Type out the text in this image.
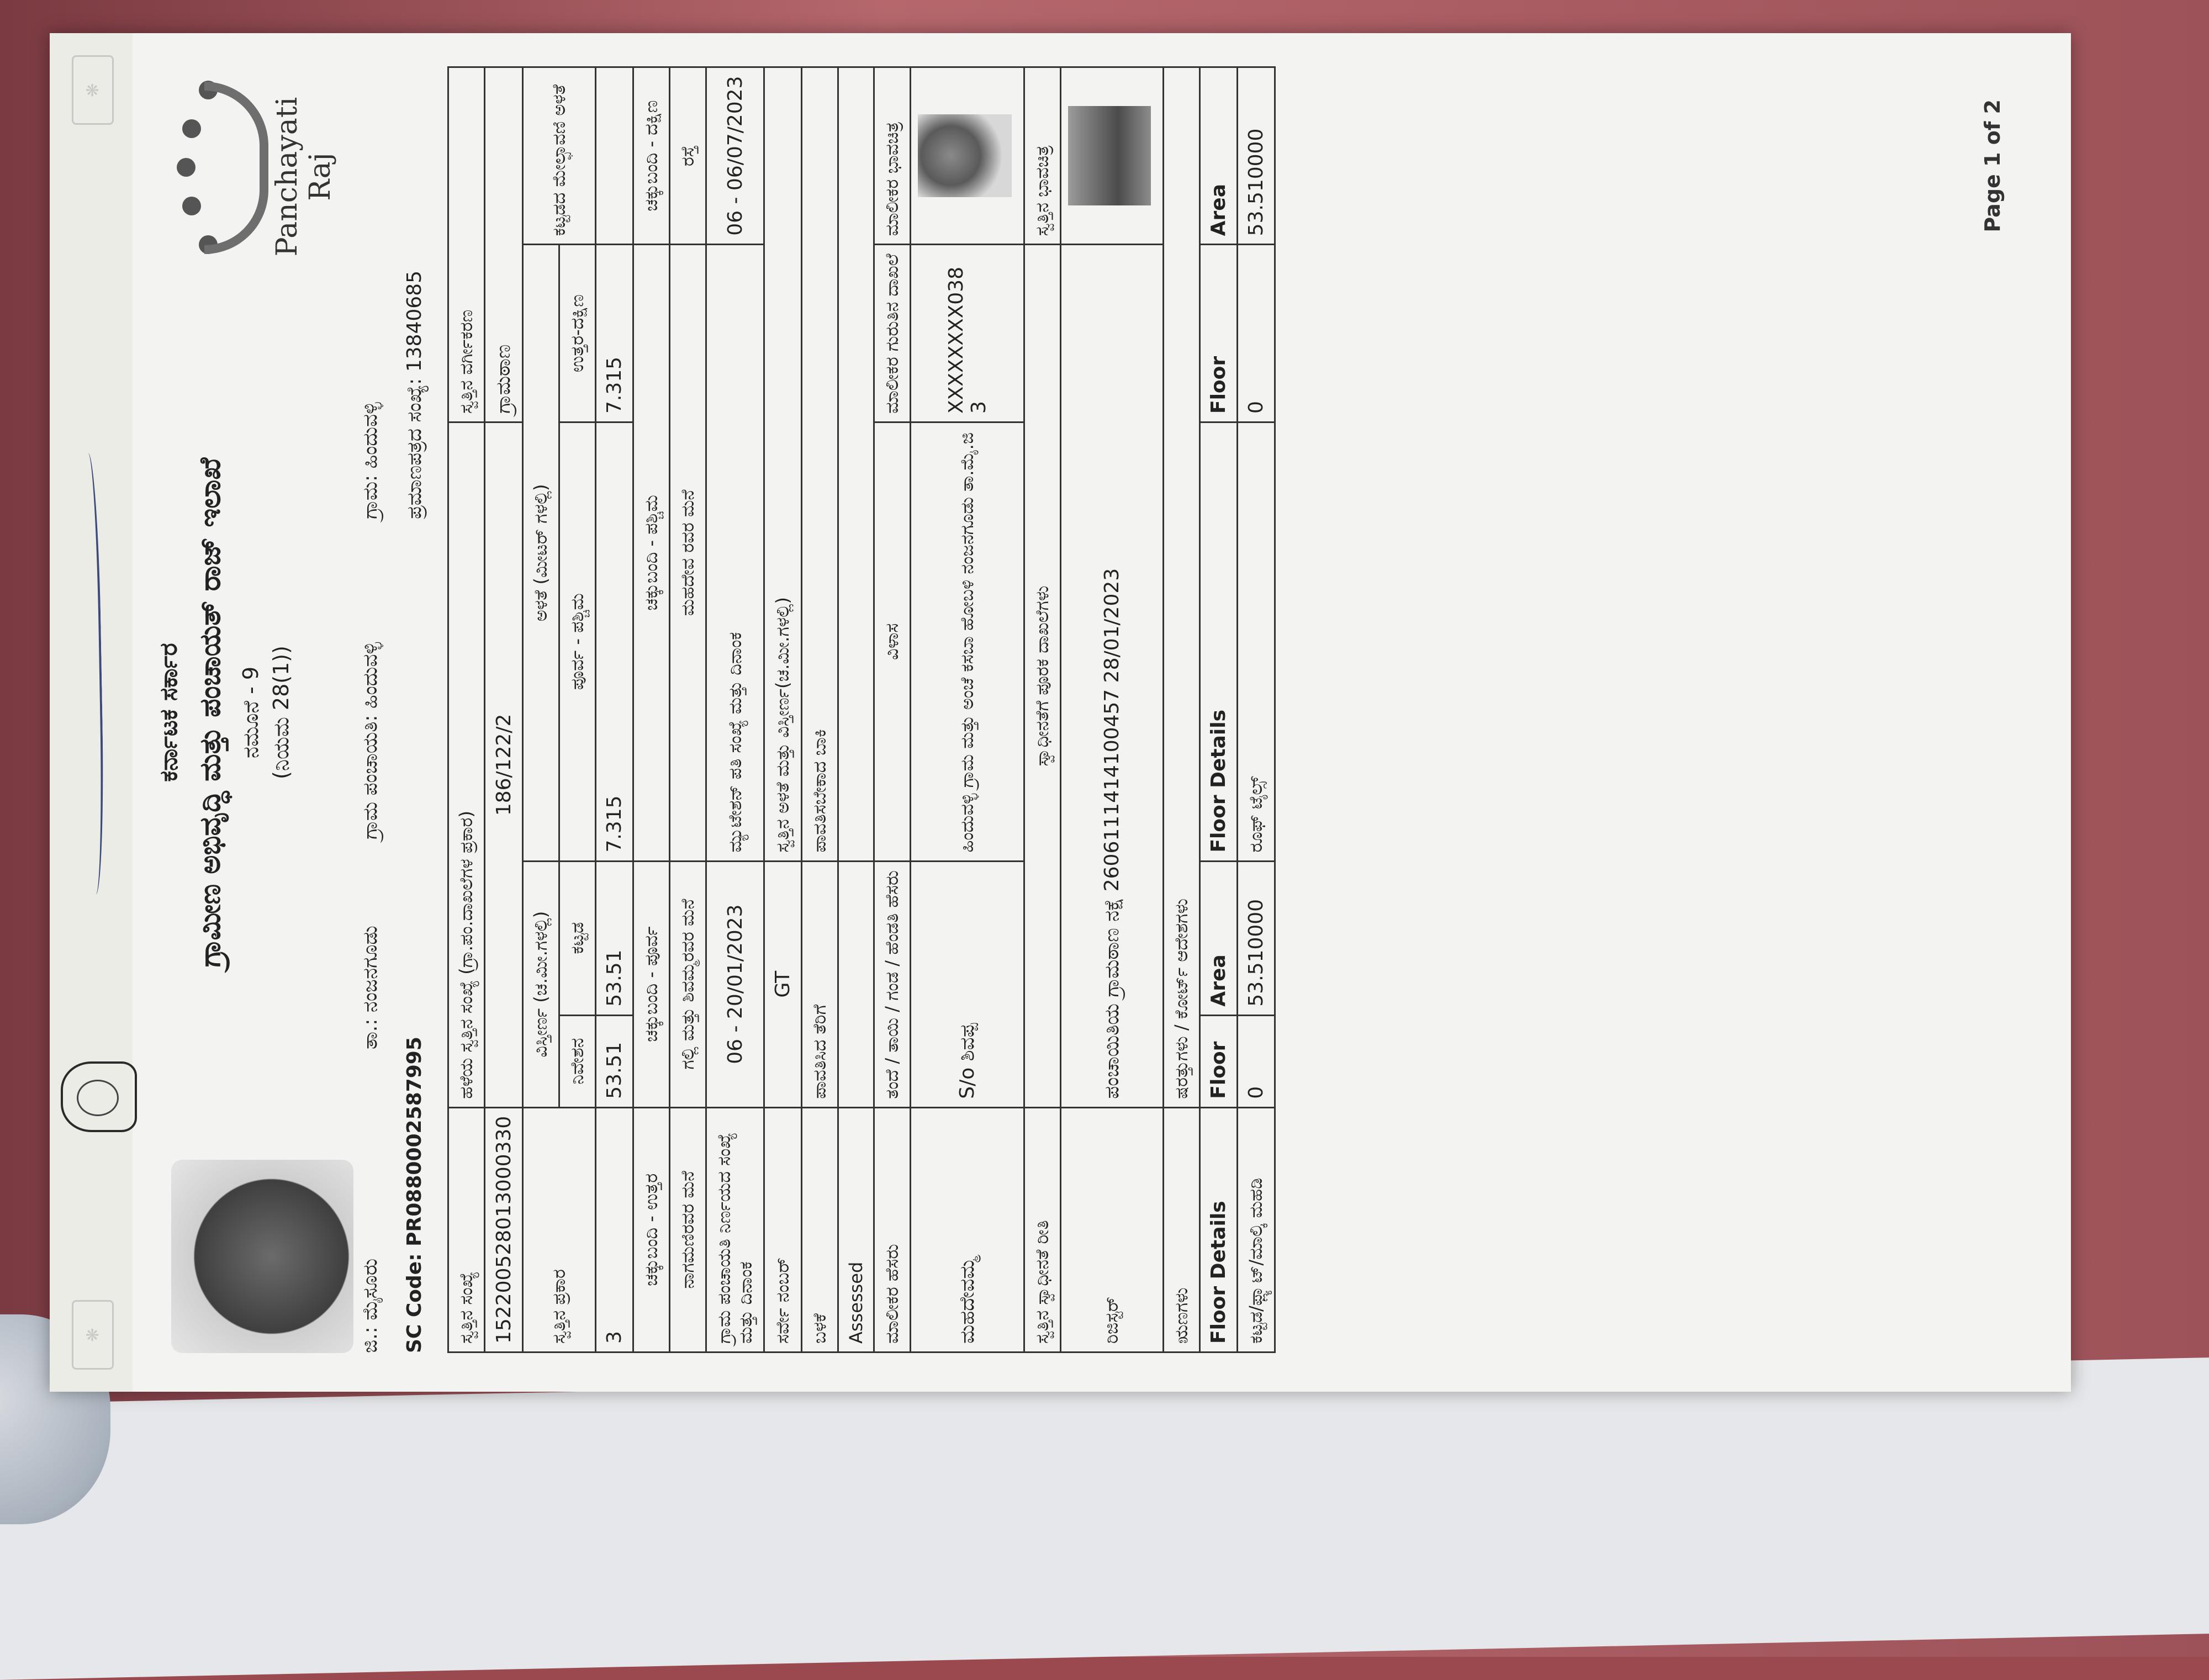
❋
❋
ಕರ್ನಾಟಕ ಸರ್ಕಾರ ಗ್ರಾಮೀಣ ಅಭಿವೃದ್ಧಿ ಮತ್ತು ಪಂಚಾಯತ್ ರಾಜ್ ಇಲಾಖೆ ನಮೂನೆ - 9 (ನಿಯಮ 28(1))
Panchayati Raj
ಜಿ.: ಮೈಸೂರು
ತಾ.: ನಂಜನಗೂಡು
ಗ್ರಾಮ ಪಂಚಾಯತಿ: ಹಿಂದುವಳ್ಳಿ
ಗ್ರಾಮ: ಹಿಂದುವಳ್ಳಿ
SC Code: PR0880002587995
ಪ್ರಮಾಣಪತ್ರದ ಸಂಖ್ಯೆ: 13840685
ಸ್ವತ್ತಿನ ಸಂಖ್ಯೆ	ಹಳೆಯ ಸ್ವತ್ತಿನ ಸಂಖ್ಯೆ (ಗ್ರಾ.ಪಂ.ದಾಖಲೆಗಳ ಪ್ರಕಾರ)			ಸ್ವತ್ತಿನ ವರ್ಗೀಕರಣ	
152200528013000330	186/122/2			ಗ್ರಾಮಠಾಣ	
ಸ್ವತ್ತಿನ ಪ್ರಕಾರ	ವಿಸ್ತೀರ್ಣ (ಚ.ಮೀ.ಗಳಲ್ಲಿ)		ಅಳತೆ (ಮೀಟರ್ ಗಳಲ್ಲಿ)		ಕಟ್ಟಡದ ಮೇಲ್ಛಾವಣಿ ಅಳತೆ
	ನಿವೇಶನ	ಕಟ್ಟಡ	ಪೂರ್ವ - ಪಶ್ಚಿಮ	ಉತ್ತರ-ದಕ್ಷಿಣ	
3	53.51	53.51	7.315	7.315	
ಚಕ್ಕುಬಂದಿ - ಉತ್ತರ	ಚಕ್ಕುಬಂದಿ - ಪೂರ್ವ		ಚಕ್ಕುಬಂದಿ - ಪಶ್ಚಿಮ		ಚಕ್ಕುಬಂದಿ - ದಕ್ಷಿಣ
ನಾಗಮಣಿರವರ ಮನೆ	ಗಲ್ಲಿ ಮತ್ತು ಶಿವಮ್ಮರವರ ಮನೆ		ಮಹದೇವ ರವರ ಮನೆ		ರಸ್ತೆ
ಗ್ರಾಮ ಪಂಚಾಯತಿ ನಿರ್ಣಯದ ಸಂಖ್ಯೆ ಮತ್ತು ದಿನಾಂಕ	06 - 20/01/2023		ಮ್ಯುಟೇಶನ್ ಪತಿ ಸಂಖ್ಯೆ ಮತ್ತು ದಿನಾಂಕ		06 - 06/07/2023
ಸರ್ವೇ ನಂಬರ್	GT		ಸ್ವತ್ತಿನ ಅಳತೆ ಮತ್ತು ವಿಸ್ತೀರ್ಣ(ಚ.ಮೀ.ಗಳಲ್ಲಿ)		
ಬಳಕೆ	ಪಾವತಿಸಿದ ತೆರಿಗೆ		ಪಾವತಿಸಬೇಕಾದ ಬಾಕಿ		
Assessed					
ಮಾಲೀಕರ ಹೆಸರು	ತಂದೆ / ತಾಯಿ / ಗಂಡ / ಹೆಂಡತಿ ಹೆಸರು		ವಿಳಾಸ	ಮಾಲೀಕರ ಗುರುತಿನ ದಾಖಲೆ	ಮಾಲೀಕರ ಭಾವಚಿತ್ರ
ಮಹದೇವಮ್ಮ	S/o ಶಿವಪ್ಪ		ಹಿಂದುವಳ್ಳಿ ಗ್ರಾಮ ಮತ್ತು ಅಂಚೆ ಕಸಬಾ ಹೋಬಳಿ ನಂಜನಗೂಡು ತಾ.ಮೈ.ಜಿ	XXXXXXXX038 3	

ಸ್ವತ್ತಿನ ಸ್ವಾಧೀನತೆ ರೀತಿ	ಸ್ವಾಧೀನತೆಗೆ ಪೂರಕ ದಾಖಲೆಗಳು				ಸ್ವತ್ತಿನ ಭಾವಚಿತ್ರ
ರಿಜಿಸ್ಟರ್	ಪಂಚಾಯಿತಿಯ ಗ್ರಾಮಠಾಣ ನಕ್ಷೆ 2606111414100457 28/01/2023				
ಋಣಗಳು	ಷರತ್ತುಗಳು / ಕೋರ್ಟ್ ಆದೇಶಗಳು				
Floor Details	Floor	Area	Floor Details	Floor	Area
ಕಟ್ಟಡ/ಫ್ಲ್ಯಾಟ್/ಮಾಲ್ಕಿ ಮಹಡಿ	0	53.510000	ರೂಫ್ ಟೈಲ್ಸ್	0	53.510000	Page 1 of 2
